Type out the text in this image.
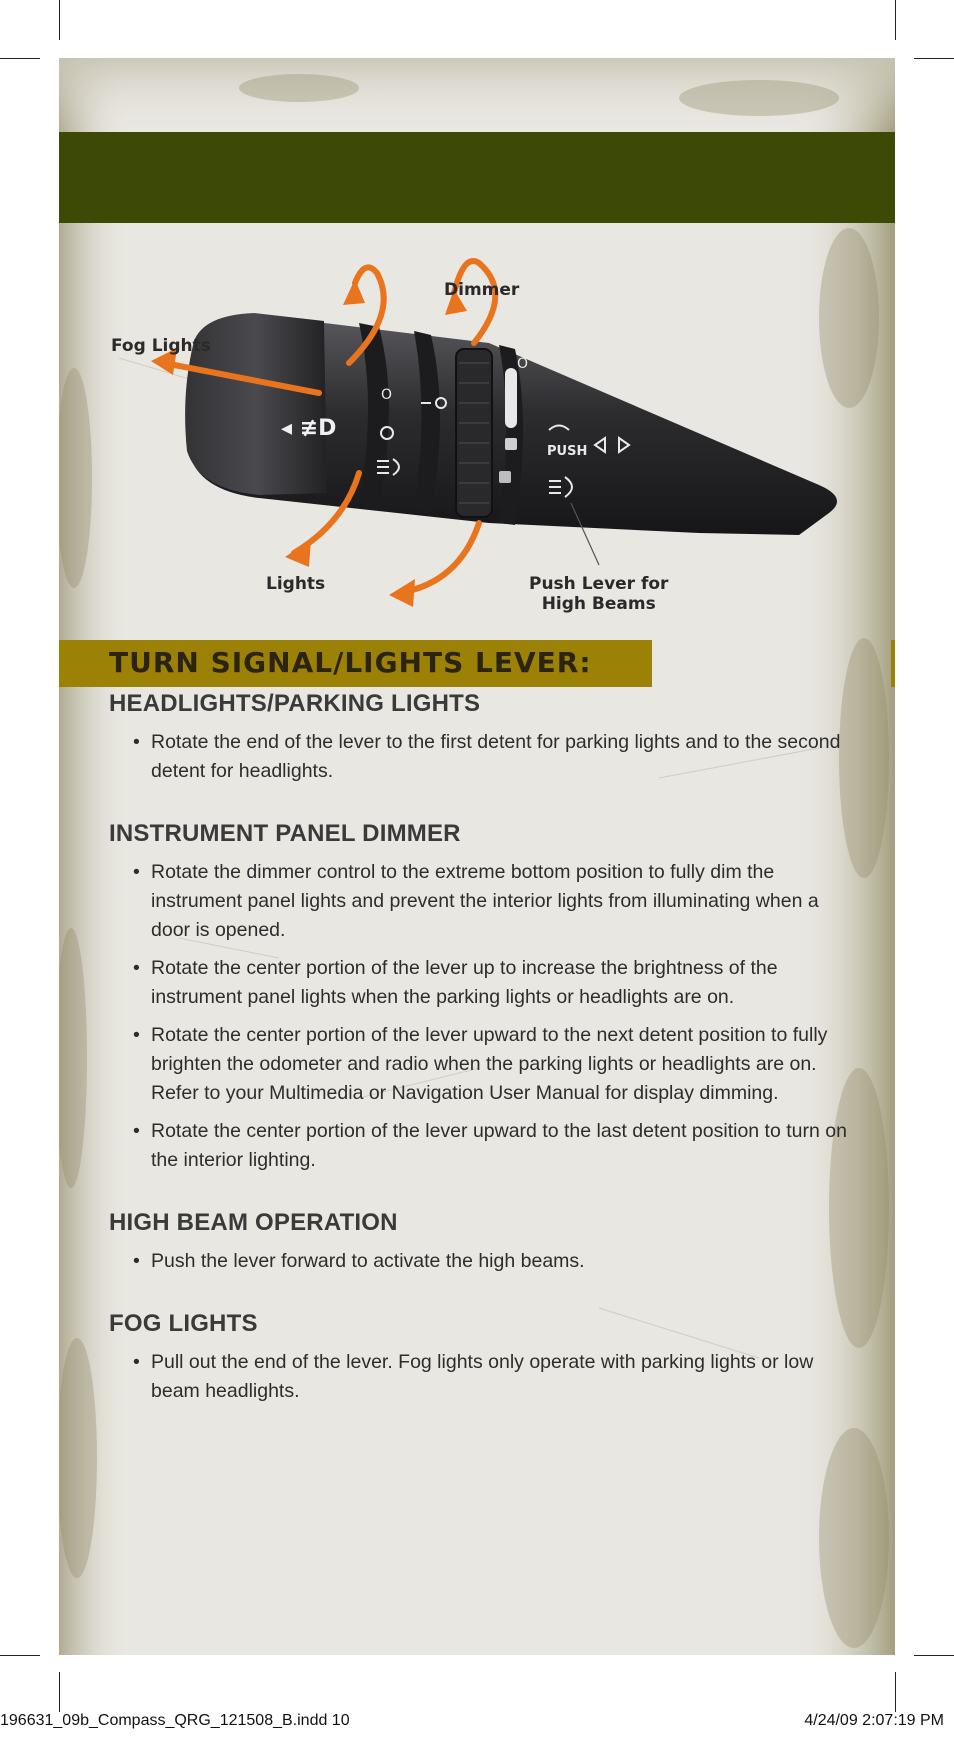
◂ ≢D
O
O
PUSH
Dimmer
Fog Lights
Lights	Push Lever for
High Beams
TURN SIGNAL/LIGHTS LEVER:
HEADLIGHTS/PARKING LIGHTS
• Rotate the end of the lever to the first detent for parking lights and to the second detent for headlights.
INSTRUMENT PANEL DIMMER
• Rotate the dimmer control to the extreme bottom position to fully dim the instrument panel lights and prevent the interior lights from illuminating when a door is opened.
• Rotate the center portion of the lever up to increase the brightness of the instrument panel lights when the parking lights or headlights are on.
• Rotate the center portion of the lever upward to the next detent position to fully brighten the odometer and radio when the parking lights or headlights are on. Refer to your Multimedia or Navigation User Manual for display dimming.
• Rotate the center portion of the lever upward to the last detent position to turn on the interior lighting.
HIGH BEAM OPERATION
• Push the lever forward to activate the high beams.
FOG LIGHTS
• Pull out the end of the lever. Fog lights only operate with parking lights or low beam headlights.
196631_09b_Compass_QRG_121508_B.indd 10	4/24/09 2:07:19 PM
